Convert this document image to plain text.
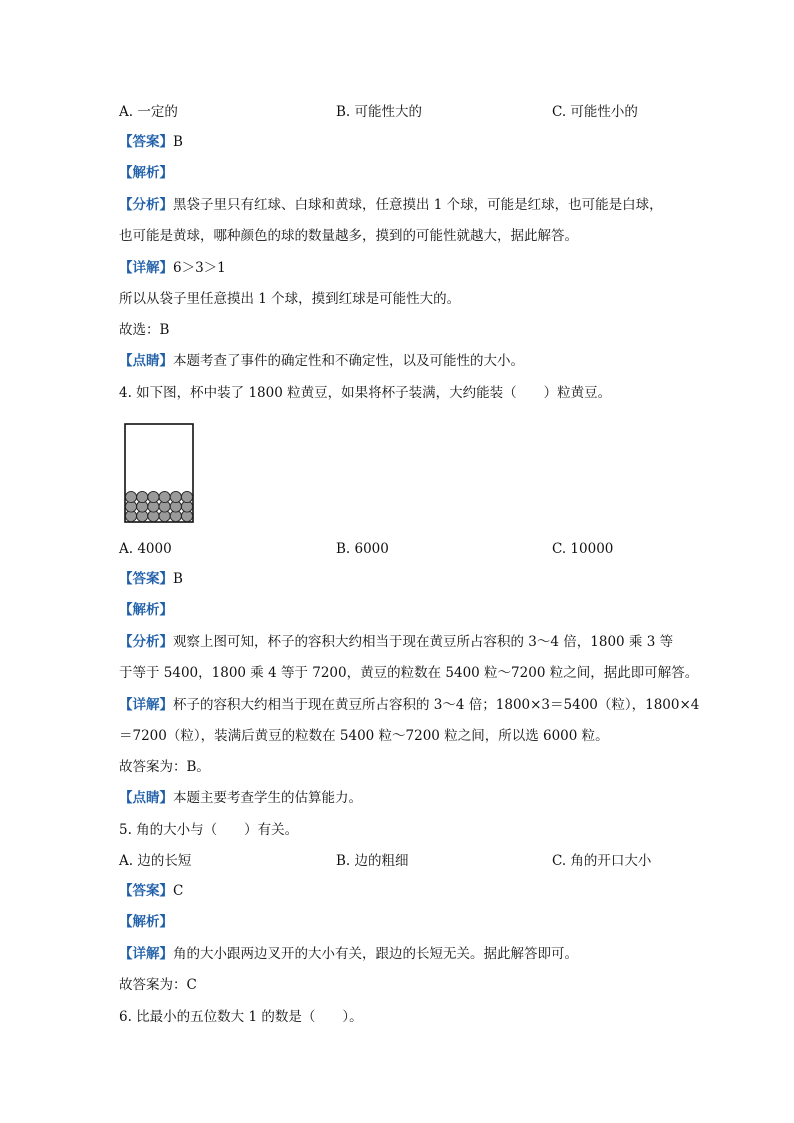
A. 一定的	B. 可能性大的	C. 可能性小的
【答案】B
【解析】
【分析】黑袋子里只有红球、白球和黄球，任意摸出 1 个球，可能是红球，也可能是白球，
也可能是黄球，哪种颜色的球的数量越多，摸到的可能性就越大，据此解答。
【详解】6＞3＞1
所以从袋子里任意摸出 1 个球，摸到红球是可能性大的。
故选：B
【点睛】本题考查了事件的确定性和不确定性，以及可能性的大小。
4. 如下图，杯中装了 1800 粒黄豆，如果将杯子装满，大约能装（　　）粒黄豆。
A. 4000	B. 6000	C. 10000
【答案】B
【解析】
【分析】观察上图可知，杯子的容积大约相当于现在黄豆所占容积的 3～4 倍，1800 乘 3 等
于等于 5400，1800 乘 4 等于 7200，黄豆的粒数在 5400 粒～7200 粒之间，据此即可解答。
【详解】杯子的容积大约相当于现在黄豆所占容积的 3～4 倍；1800×3＝5400（粒），1800×4
＝7200（粒），装满后黄豆的粒数在 5400 粒～7200 粒之间，所以选 6000 粒。
故答案为：B。
【点睛】本题主要考查学生的估算能力。
5. 角的大小与（　　）有关。
A. 边的长短	B. 边的粗细	C. 角的开口大小
【答案】C
【解析】
【详解】角的大小跟两边叉开的大小有关，跟边的长短无关。据此解答即可。
故答案为：C
6. 比最小的五位数大 1 的数是（　　）。
